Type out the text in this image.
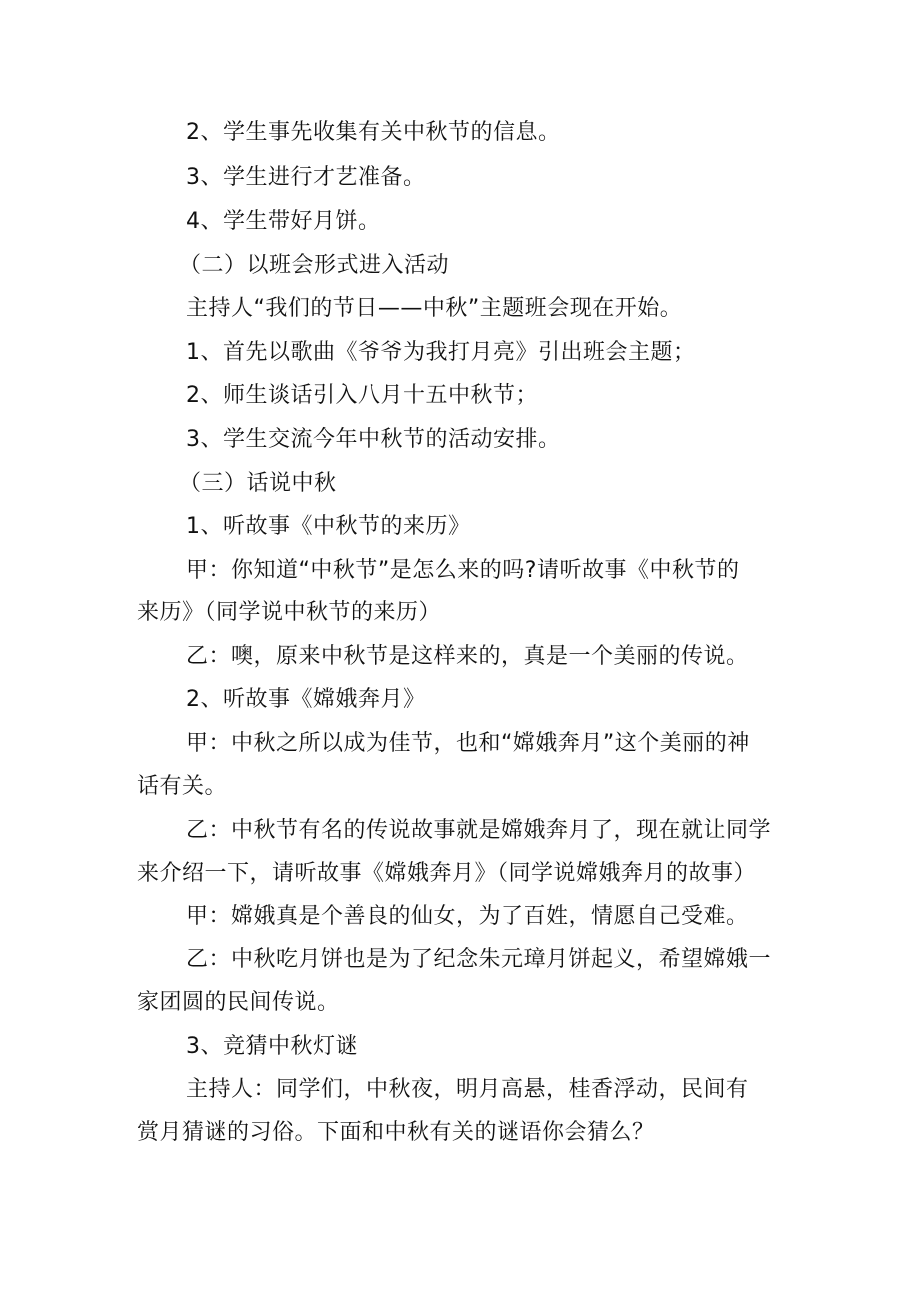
2、学生事先收集有关中秋节的信息。
3、学生进行才艺准备。
4、学生带好月饼。
（二）以班会形式进入活动
主持人“我们的节日——中秋”主题班会现在开始。
1、首先以歌曲《爷爷为我打月亮》引出班会主题；
2、师生谈话引入八月十五中秋节；
3、学生交流今年中秋节的活动安排。
（三）话说中秋
1、听故事《中秋节的来历》
甲：你知道“中秋节”是怎么来的吗?请听故事《中秋节的
来历》（同学说中秋节的来历）
乙：噢，原来中秋节是这样来的，真是一个美丽的传说。
2、听故事《嫦娥奔月》
甲：中秋之所以成为佳节，也和“嫦娥奔月”这个美丽的神
话有关。
乙：中秋节有名的传说故事就是嫦娥奔月了，现在就让同学
来介绍一下，请听故事《嫦娥奔月》（同学说嫦娥奔月的故事）
甲：嫦娥真是个善良的仙女，为了百姓，情愿自己受难。
乙：中秋吃月饼也是为了纪念朱元璋月饼起义，希望嫦娥一
家团圆的民间传说。
3、竞猜中秋灯谜
主持人：同学们，中秋夜，明月高悬，桂香浮动，民间有
赏月猜谜的习俗。下面和中秋有关的谜语你会猜么？
